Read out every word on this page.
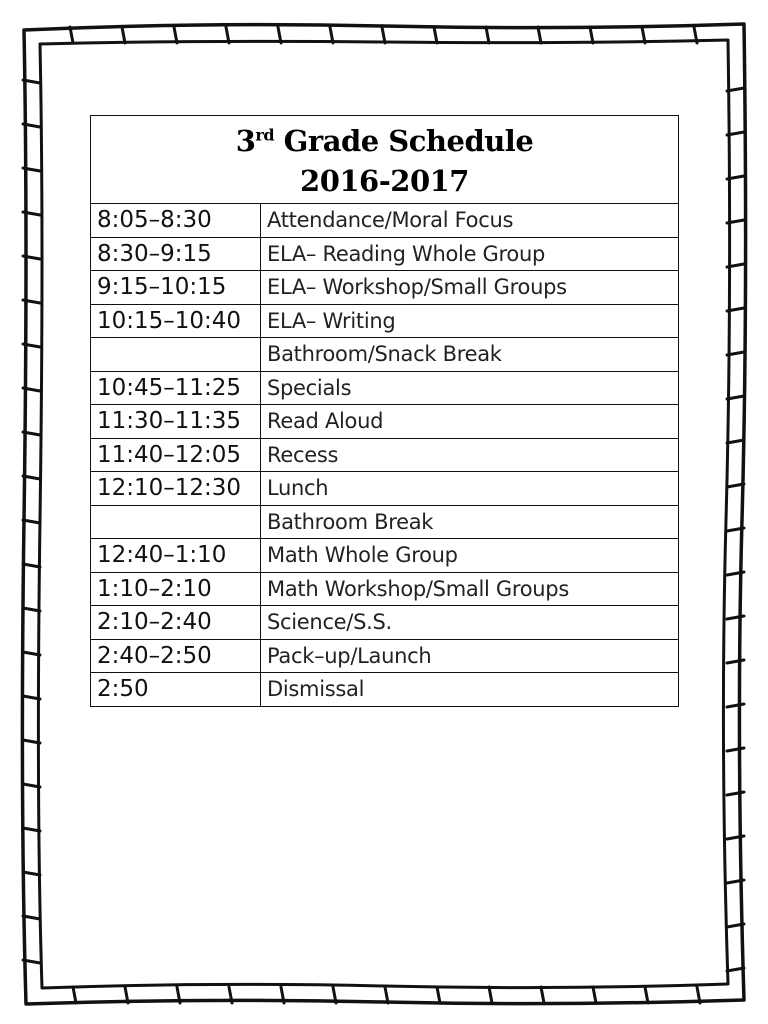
3rd Grade Schedule
2016-2017	
8:05–8:30	Attendance/Moral Focus
8:30–9:15	ELA– Reading Whole Group
9:15–10:15	ELA– Workshop/Small Groups
10:15–10:40	ELA– Writing
	Bathroom/Snack Break
10:45–11:25	Specials
11:30–11:35	Read Aloud
11:40–12:05	Recess
12:10–12:30	Lunch
	Bathroom Break
12:40–1:10	Math Whole Group
1:10–2:10	Math Workshop/Small Groups
2:10–2:40	Science/S.S.
2:40–2:50	Pack–up/Launch
2:50	Dismissal
